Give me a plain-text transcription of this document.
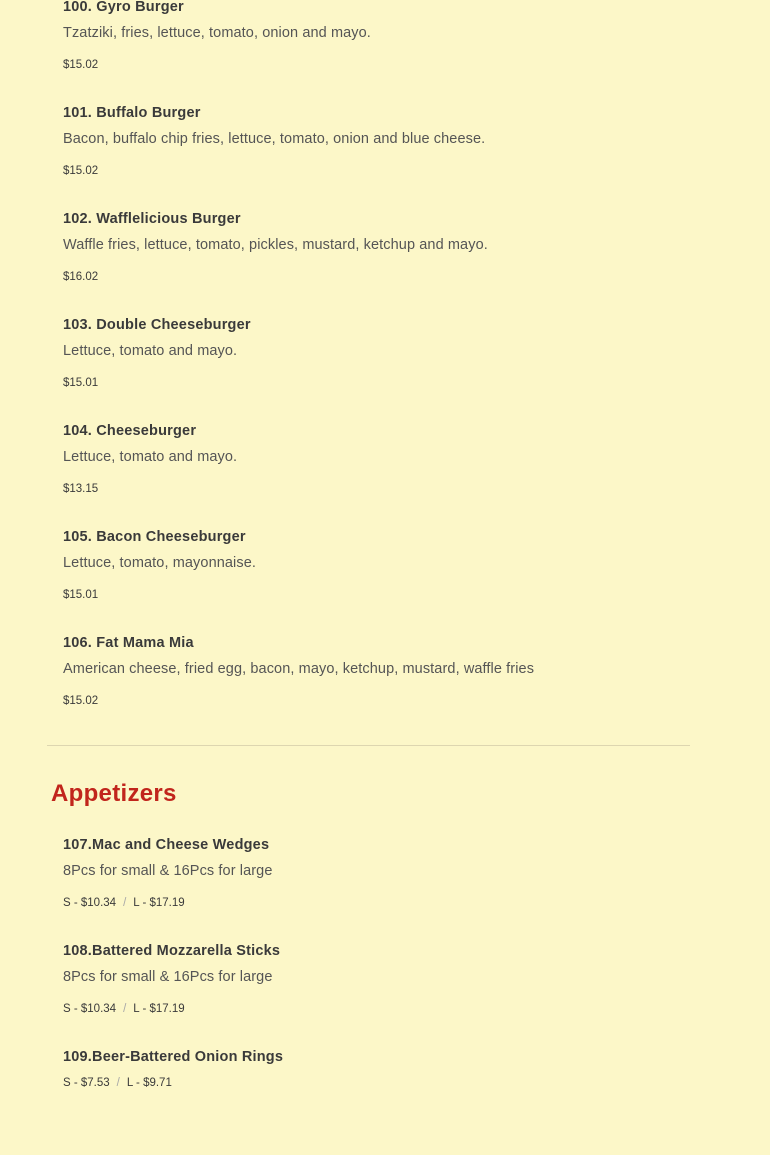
100. Gyro Burger
Tzatziki, fries, lettuce, tomato, onion and mayo.
$15.02
101. Buffalo Burger
Bacon, buffalo chip fries, lettuce, tomato, onion and blue cheese.
$15.02
102. Wafflelicious Burger
Waffle fries, lettuce, tomato, pickles, mustard, ketchup and mayo.
$16.02
103. Double Cheeseburger
Lettuce, tomato and mayo.
$15.01
104. Cheeseburger
Lettuce, tomato and mayo.
$13.15
105. Bacon Cheeseburger
Lettuce, tomato, mayonnaise.
$15.01
106. Fat Mama Mia
American cheese, fried egg, bacon, mayo, ketchup, mustard, waffle fries
$15.02
Appetizers
107.Mac and Cheese Wedges
8Pcs for small & 16Pcs for large
S - $10.34 / L - $17.19
108.Battered Mozzarella Sticks
8Pcs for small & 16Pcs for large
S - $10.34 / L - $17.19
109.Beer-Battered Onion Rings
S - $7.53 / L - $9.71
